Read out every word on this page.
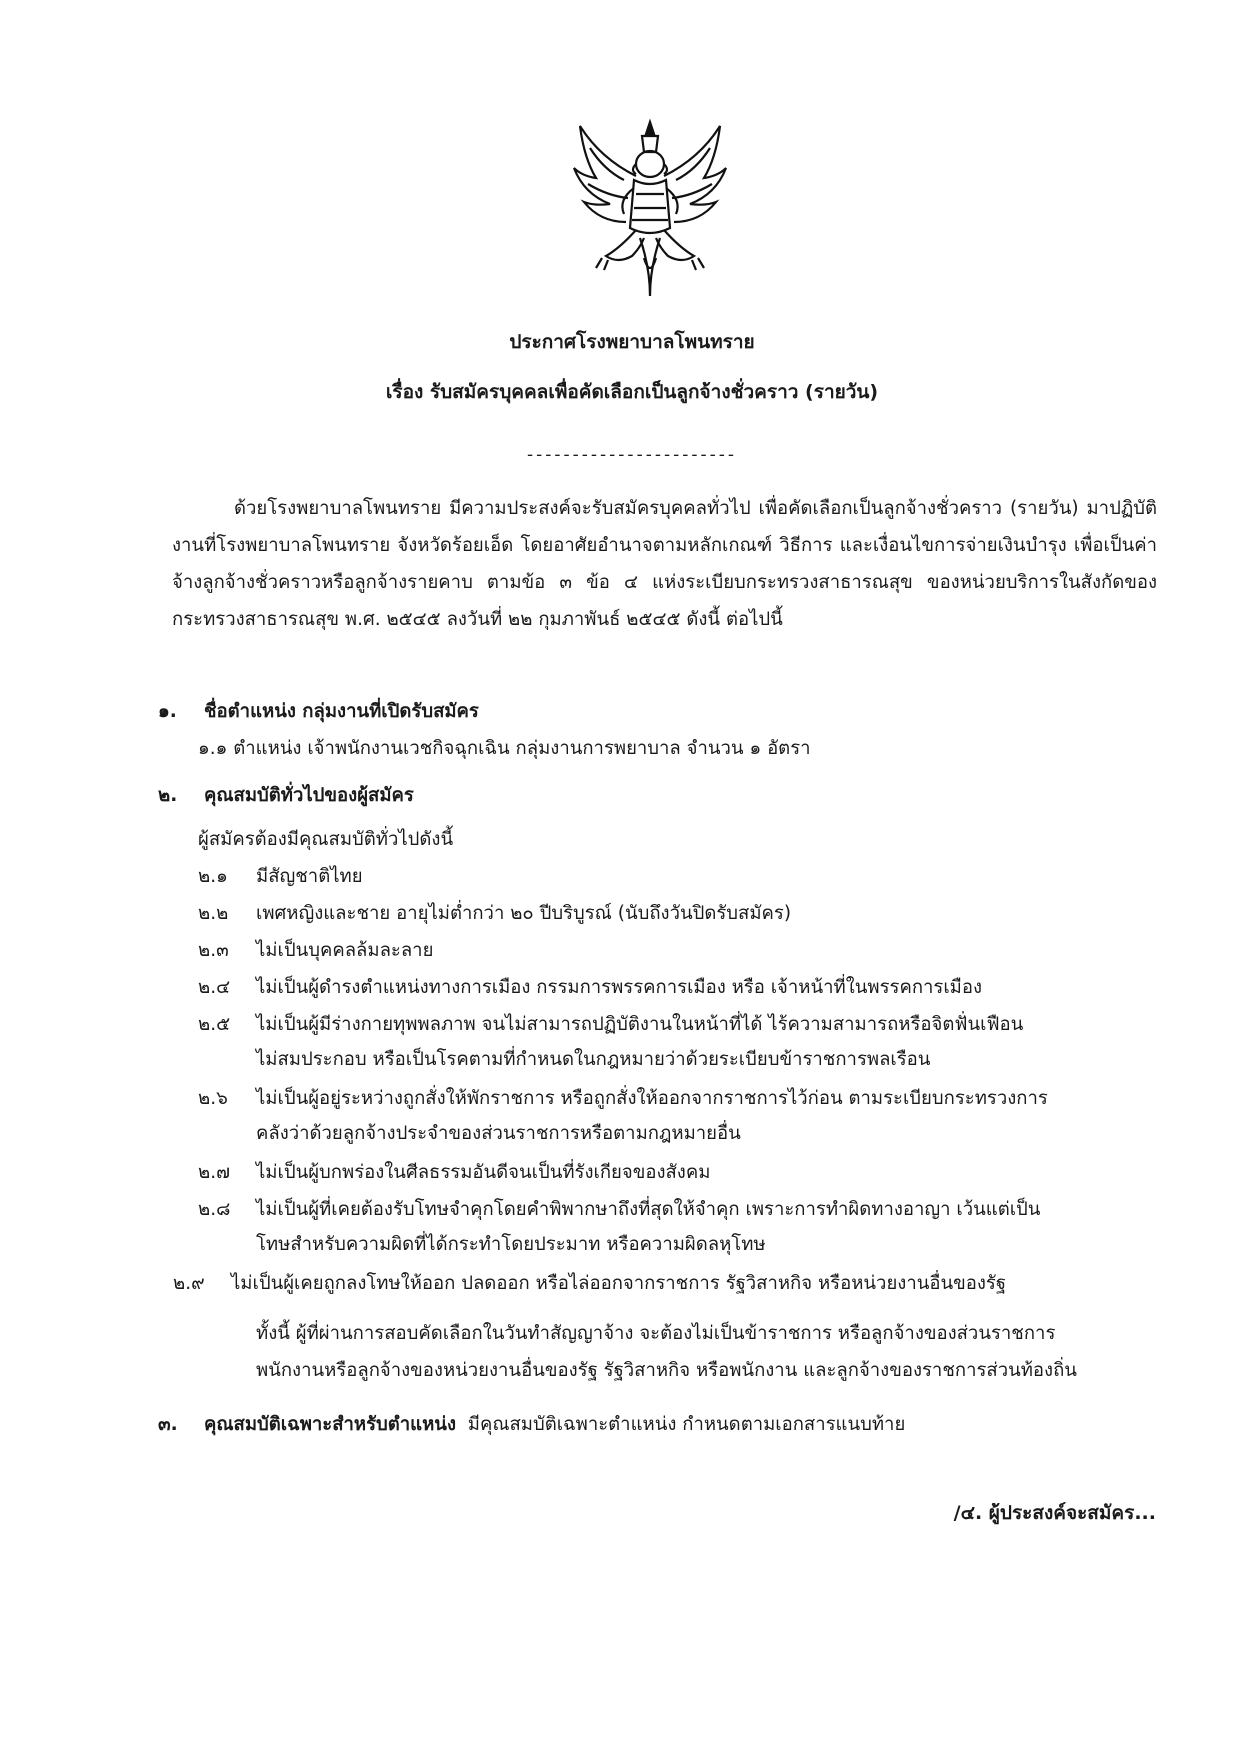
ประกาศโรงพยาบาลโพนทราย
เรื่อง รับสมัครบุคคลเพื่อคัดเลือกเป็นลูกจ้างชั่วคราว (รายวัน)
-----------------------
ด้วยโรงพยาบาลโพนทราย มีความประสงค์จะรับสมัครบุคคลทั่วไป เพื่อคัดเลือกเป็นลูกจ้างชั่วคราว (รายวัน) มาปฏิบัติงานที่โรงพยาบาลโพนทราย จังหวัดร้อยเอ็ด โดยอาศัยอำนาจตามหลักเกณฑ์ วิธีการ และเงื่อนไขการจ่ายเงินบำรุง เพื่อเป็นค่าจ้างลูกจ้างชั่วคราวหรือลูกจ้างรายคาบ ตามข้อ ๓ ข้อ ๔ แห่งระเบียบกระทรวงสาธารณสุข ของหน่วยบริการในสังกัดของกระทรวงสาธารณสุข พ.ศ. ๒๕๔๕ ลงวันที่ ๒๒ กุมภาพันธ์ ๒๕๔๕ ดังนี้ ต่อไปนี้
๑. ชื่อตำแหน่ง กลุ่มงานที่เปิดรับสมัคร
๑.๑ ตำแหน่ง เจ้าพนักงานเวชกิจฉุกเฉิน กลุ่มงานการพยาบาล จำนวน ๑ อัตรา
๒. คุณสมบัติทั่วไปของผู้สมัคร
ผู้สมัครต้องมีคุณสมบัติทั่วไปดังนี้
๒.๑ มีสัญชาติไทย
๒.๒ เพศหญิงและชาย อายุไม่ต่ำกว่า ๒๐ ปีบริบูรณ์ (นับถึงวันปิดรับสมัคร)
๒.๓ ไม่เป็นบุคคลล้มละลาย
๒.๔ ไม่เป็นผู้ดำรงตำแหน่งทางการเมือง กรรมการพรรคการเมือง หรือ เจ้าหน้าที่ในพรรคการเมือง
๒.๕ ไม่เป็นผู้มีร่างกายทุพพลภาพ จนไม่สามารถปฏิบัติงานในหน้าที่ได้ ไร้ความสามารถหรือจิตฟั่นเฟือน
ไม่สมประกอบ หรือเป็นโรคตามที่กำหนดในกฎหมายว่าด้วยระเบียบข้าราชการพลเรือน
๒.๖ ไม่เป็นผู้อยู่ระหว่างถูกสั่งให้พักราชการ หรือถูกสั่งให้ออกจากราชการไว้ก่อน ตามระเบียบกระทรวงการ
คลังว่าด้วยลูกจ้างประจำของส่วนราชการหรือตามกฎหมายอื่น
๒.๗ ไม่เป็นผู้บกพร่องในศีลธรรมอันดีจนเป็นที่รังเกียจของสังคม
๒.๘ ไม่เป็นผู้ที่เคยต้องรับโทษจำคุกโดยคำพิพากษาถึงที่สุดให้จำคุก เพราะการทำผิดทางอาญา เว้นแต่เป็น
โทษสำหรับความผิดที่ได้กระทำโดยประมาท หรือความผิดลหุโทษ
๒.๙ ไม่เป็นผู้เคยถูกลงโทษให้ออก ปลดออก หรือไล่ออกจากราชการ รัฐวิสาหกิจ หรือหน่วยงานอื่นของรัฐ
ทั้งนี้ ผู้ที่ผ่านการสอบคัดเลือกในวันทำสัญญาจ้าง จะต้องไม่เป็นข้าราชการ หรือลูกจ้างของส่วนราชการ
พนักงานหรือลูกจ้างของหน่วยงานอื่นของรัฐ รัฐวิสาหกิจ หรือพนักงาน และลูกจ้างของราชการส่วนท้องถิ่น
๓. คุณสมบัติเฉพาะสำหรับตำแหน่ง มีคุณสมบัติเฉพาะตำแหน่ง กำหนดตามเอกสารแนบท้าย
/๔. ผู้ประสงค์จะสมัคร...
